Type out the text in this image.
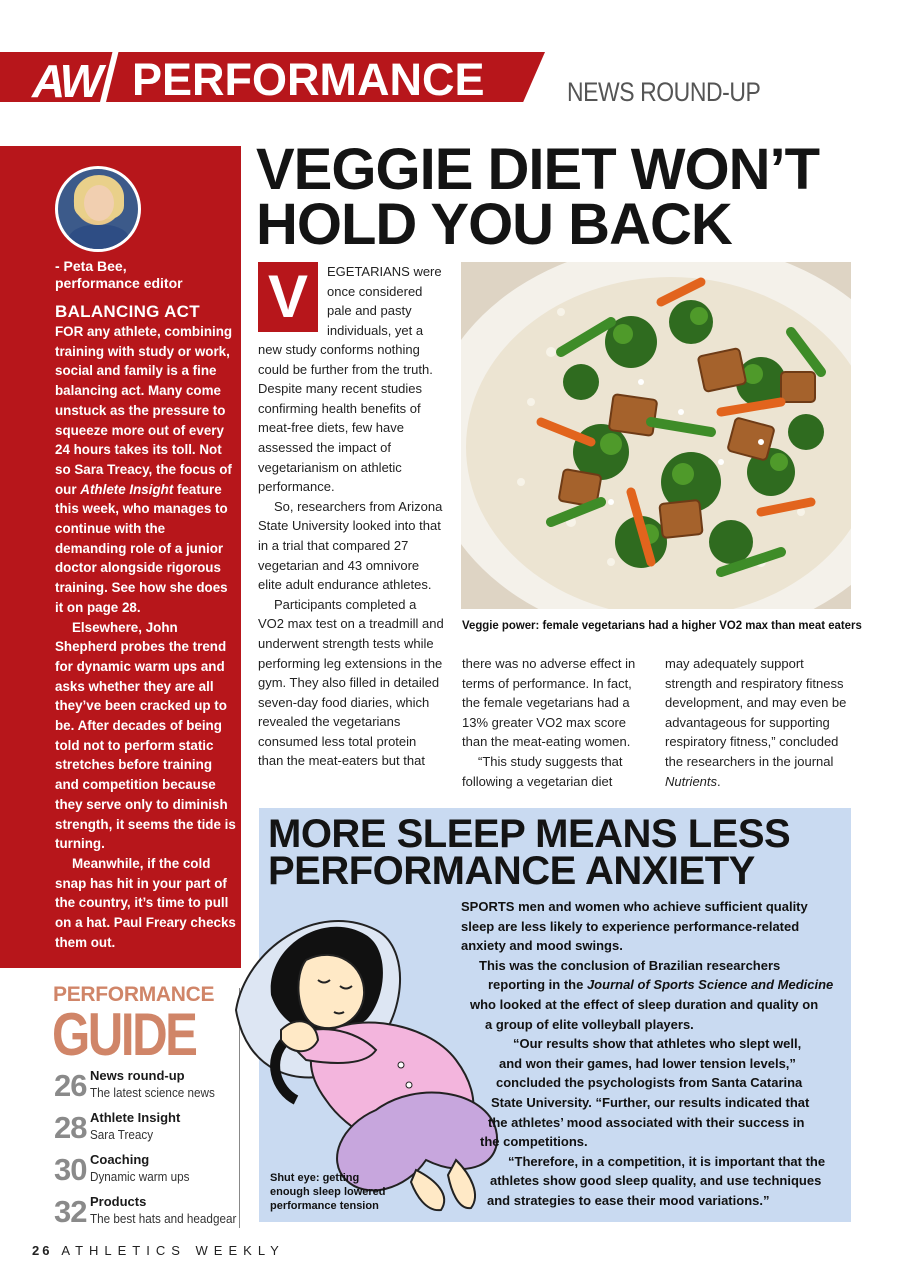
AW PERFORMANCE	NEWS ROUND-UP
- Peta Bee,
performance editor
BALANCING ACT

FOR any athlete, combining training with study or work, social and family is a fine balancing act. Many come unstuck as the pressure to squeeze more out of every 24 hours takes its toll. Not so Sara Treacy, the focus of our Athlete Insight feature this week, who manages to continue with the demanding role of a junior doctor alongside rigorous training. See how she does it on page 28.

Elsewhere, John Shepherd probes the trend for dynamic warm ups and asks whether they are all they’ve been cracked up to be. After decades of being told not to perform static stretches before training and competition because they serve only to diminish strength, it seems the tide is turning.

Meanwhile, if the cold snap has hit in your part of the country, it’s time to pull on a hat. Paul Freary checks them out.

PERFORMANCE
GUIDE
26 News round-up
The latest science news
28 Athlete Insight
Sara Treacy
30 Coaching
Dynamic warm ups
32 Products
The best hats and headgear
VEGGIE DIET WON’T
HOLD YOU BACK
V	EGETARIANS were
once considered
pale and pasty
individuals, yet a

new study conforms nothing could be further from the truth. Despite many recent studies confirming health benefits of meat-free diets, few have assessed the impact of vegetarianism on athletic performance.

So, researchers from Arizona State University looked into that in a trial that compared 27 vegetarian and 43 omnivore elite adult endurance athletes.

Participants completed a VO2 max test on a treadmill and underwent strength tests while performing leg extensions in the gym. They also filled in detailed seven-day food diaries, which revealed the vegetarians consumed less total protein than the meat-eaters but that

Veggie power: female vegetarians had a higher VO2 max than meat eaters

there was no adverse effect in terms of performance. In fact, the female vegetarians had a 13% greater VO2 max score than the meat-eating women.

“This study suggests that following a vegetarian diet

may adequately support strength and respiratory fitness development, and may even be advantageous for supporting respiratory fitness,” concluded the researchers in the journal Nutrients.

MORE SLEEP MEANS LESS
PERFORMANCE ANXIETY
SPORTS men and women who achieve sufficient quality
sleep are less likely to experience performance-related
anxiety and mood swings.
This was the conclusion of Brazilian researchers
reporting in the Journal of Sports Science and Medicine
who looked at the effect of sleep duration and quality on
a group of elite volleyball players.
“Our results show that athletes who slept well,
and won their games, had lower tension levels,”
concluded the psychologists from Santa Catarina
State University. “Further, our results indicated that
the athletes’ mood associated with their success in
the competitions.
“Therefore, in a competition, it is important that the
athletes show good sleep quality, and use techniques
and strategies to ease their mood variations.”
Shut eye: getting enough sleep lowered performance tension
26 ATHLETICS WEEKLY
